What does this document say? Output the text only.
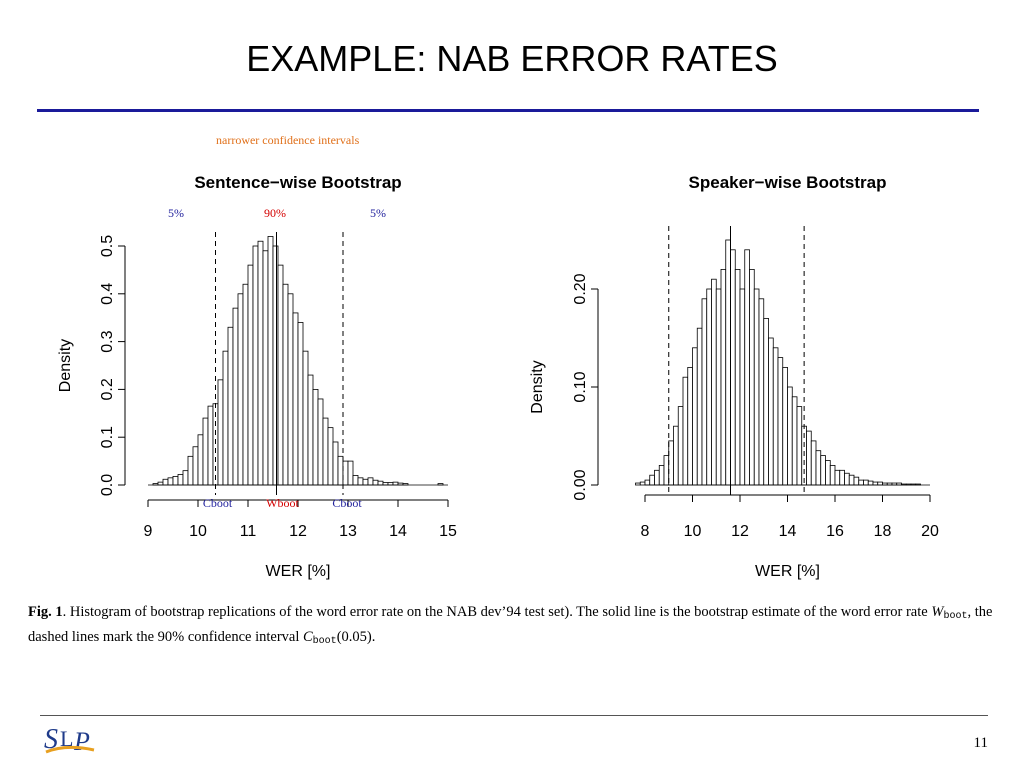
EXAMPLE: NAB ERROR RATES
narrower confidence intervals
Sentence−wise Bootstrap
0.0
0.1
0.2
0.3
0.4
0.5
Density
9 10 11 12 13 14 15
WER [%]
5%	90%	5%
Cboot	Wboot	Cboot
Speaker−wise Bootstrap
0.00
0.10
0.20
Density
8 10 12 14 16 18 20
WER [%]
Fig. 1. Histogram of bootstrap replications of the word error rate on the NAB dev’94 test set). The solid line is the bootstrap estimate of the word error rate $W_{boot}$, the dashed lines mark the 90% confidence interval $C_{boot}(0.05)$.
S L P	11
